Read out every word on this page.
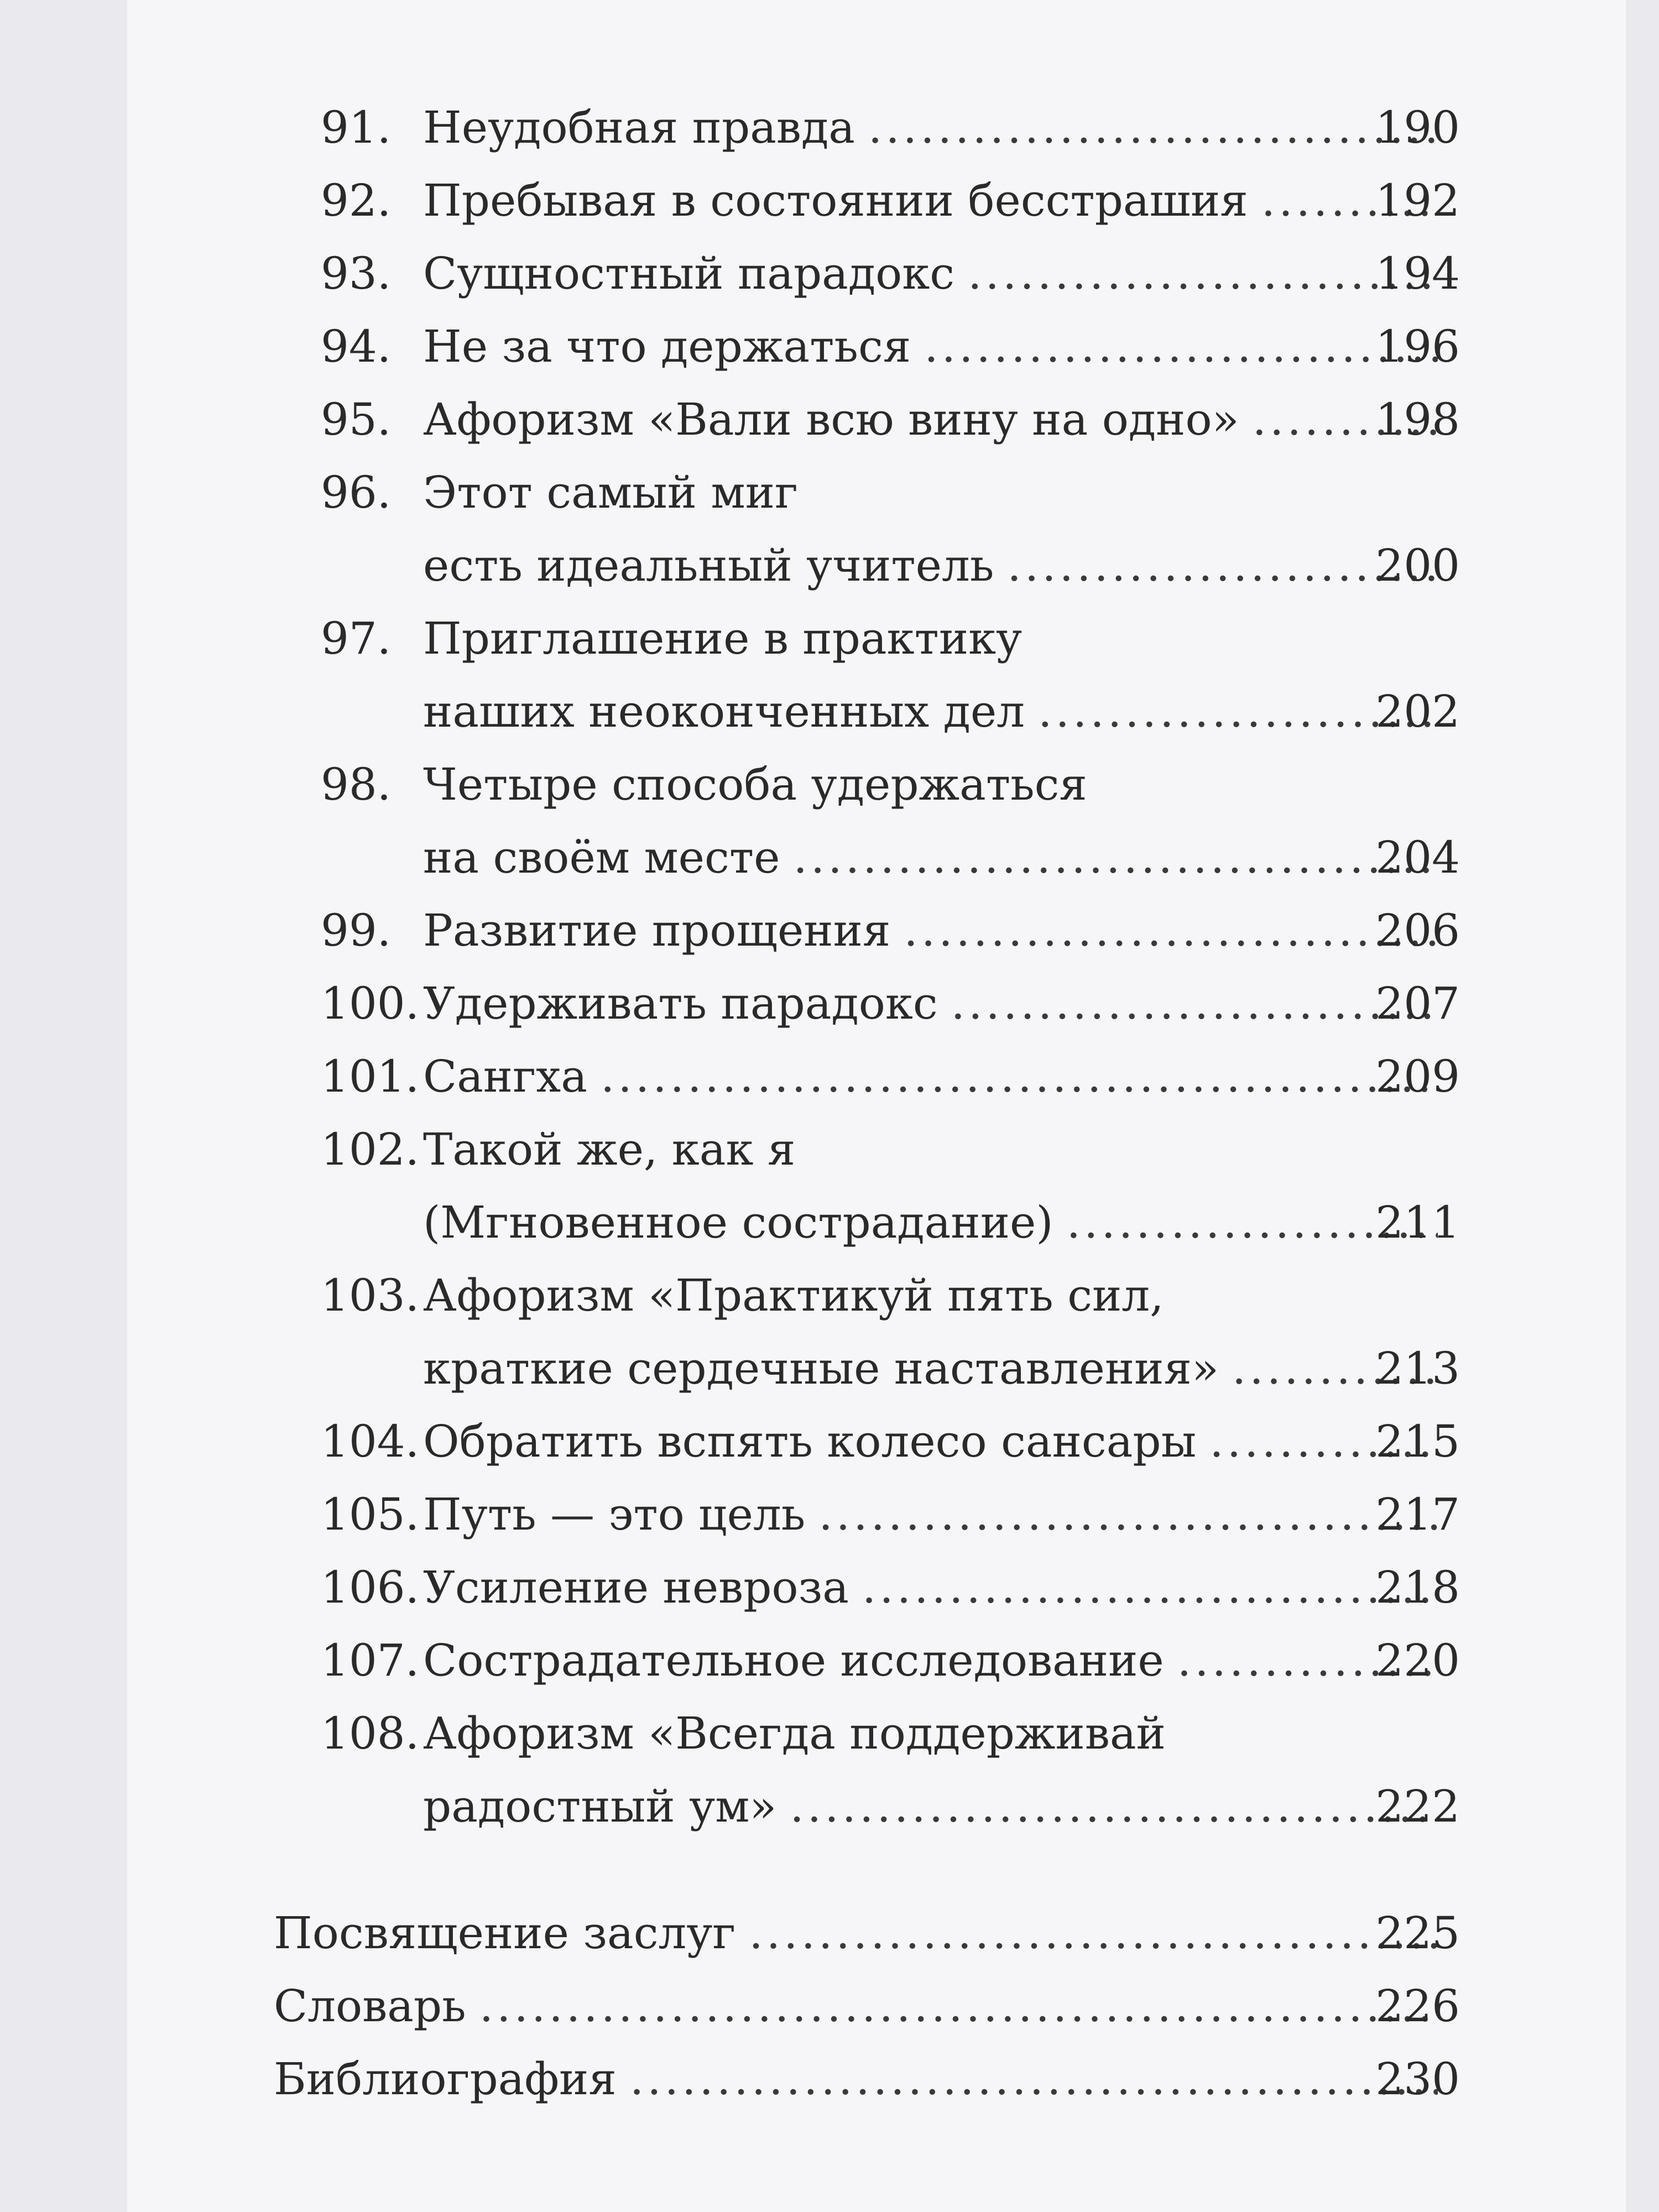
91. Неудобная правда .....	190
92. Пребывая в состоянии бесстрашия .....	192
93. Сущностный парадокс .....	194
94. Не за что держаться .....	196
95. Афоризм «Вали всю вину на одно» .....	198
96. Этот самый миг
есть идеальный учитель .....	200
97. Приглашение в практику
наших неоконченных дел .....	202
98. Четыре способа удержаться
на своём месте .....	204
99. Развитие прощения .....	206
100. Удерживать парадокс .....	207
101. Сангха .....	209
102. Такой же, как я
(Мгновенное сострадание) .....	211
103. Афоризм «Практикуй пять сил,
краткие сердечные наставления» .....	213
104. Обратить вспять колесо сансары .....	215
105. Путь — это цель .....	217
106. Усиление невроза .....	218
107. Сострадательное исследование .....	220
108. Афоризм «Всегда поддерживай
радостный ум» .....	222
Посвящение заслуг .....	225
Словарь .....	226
Библиография .....	230
